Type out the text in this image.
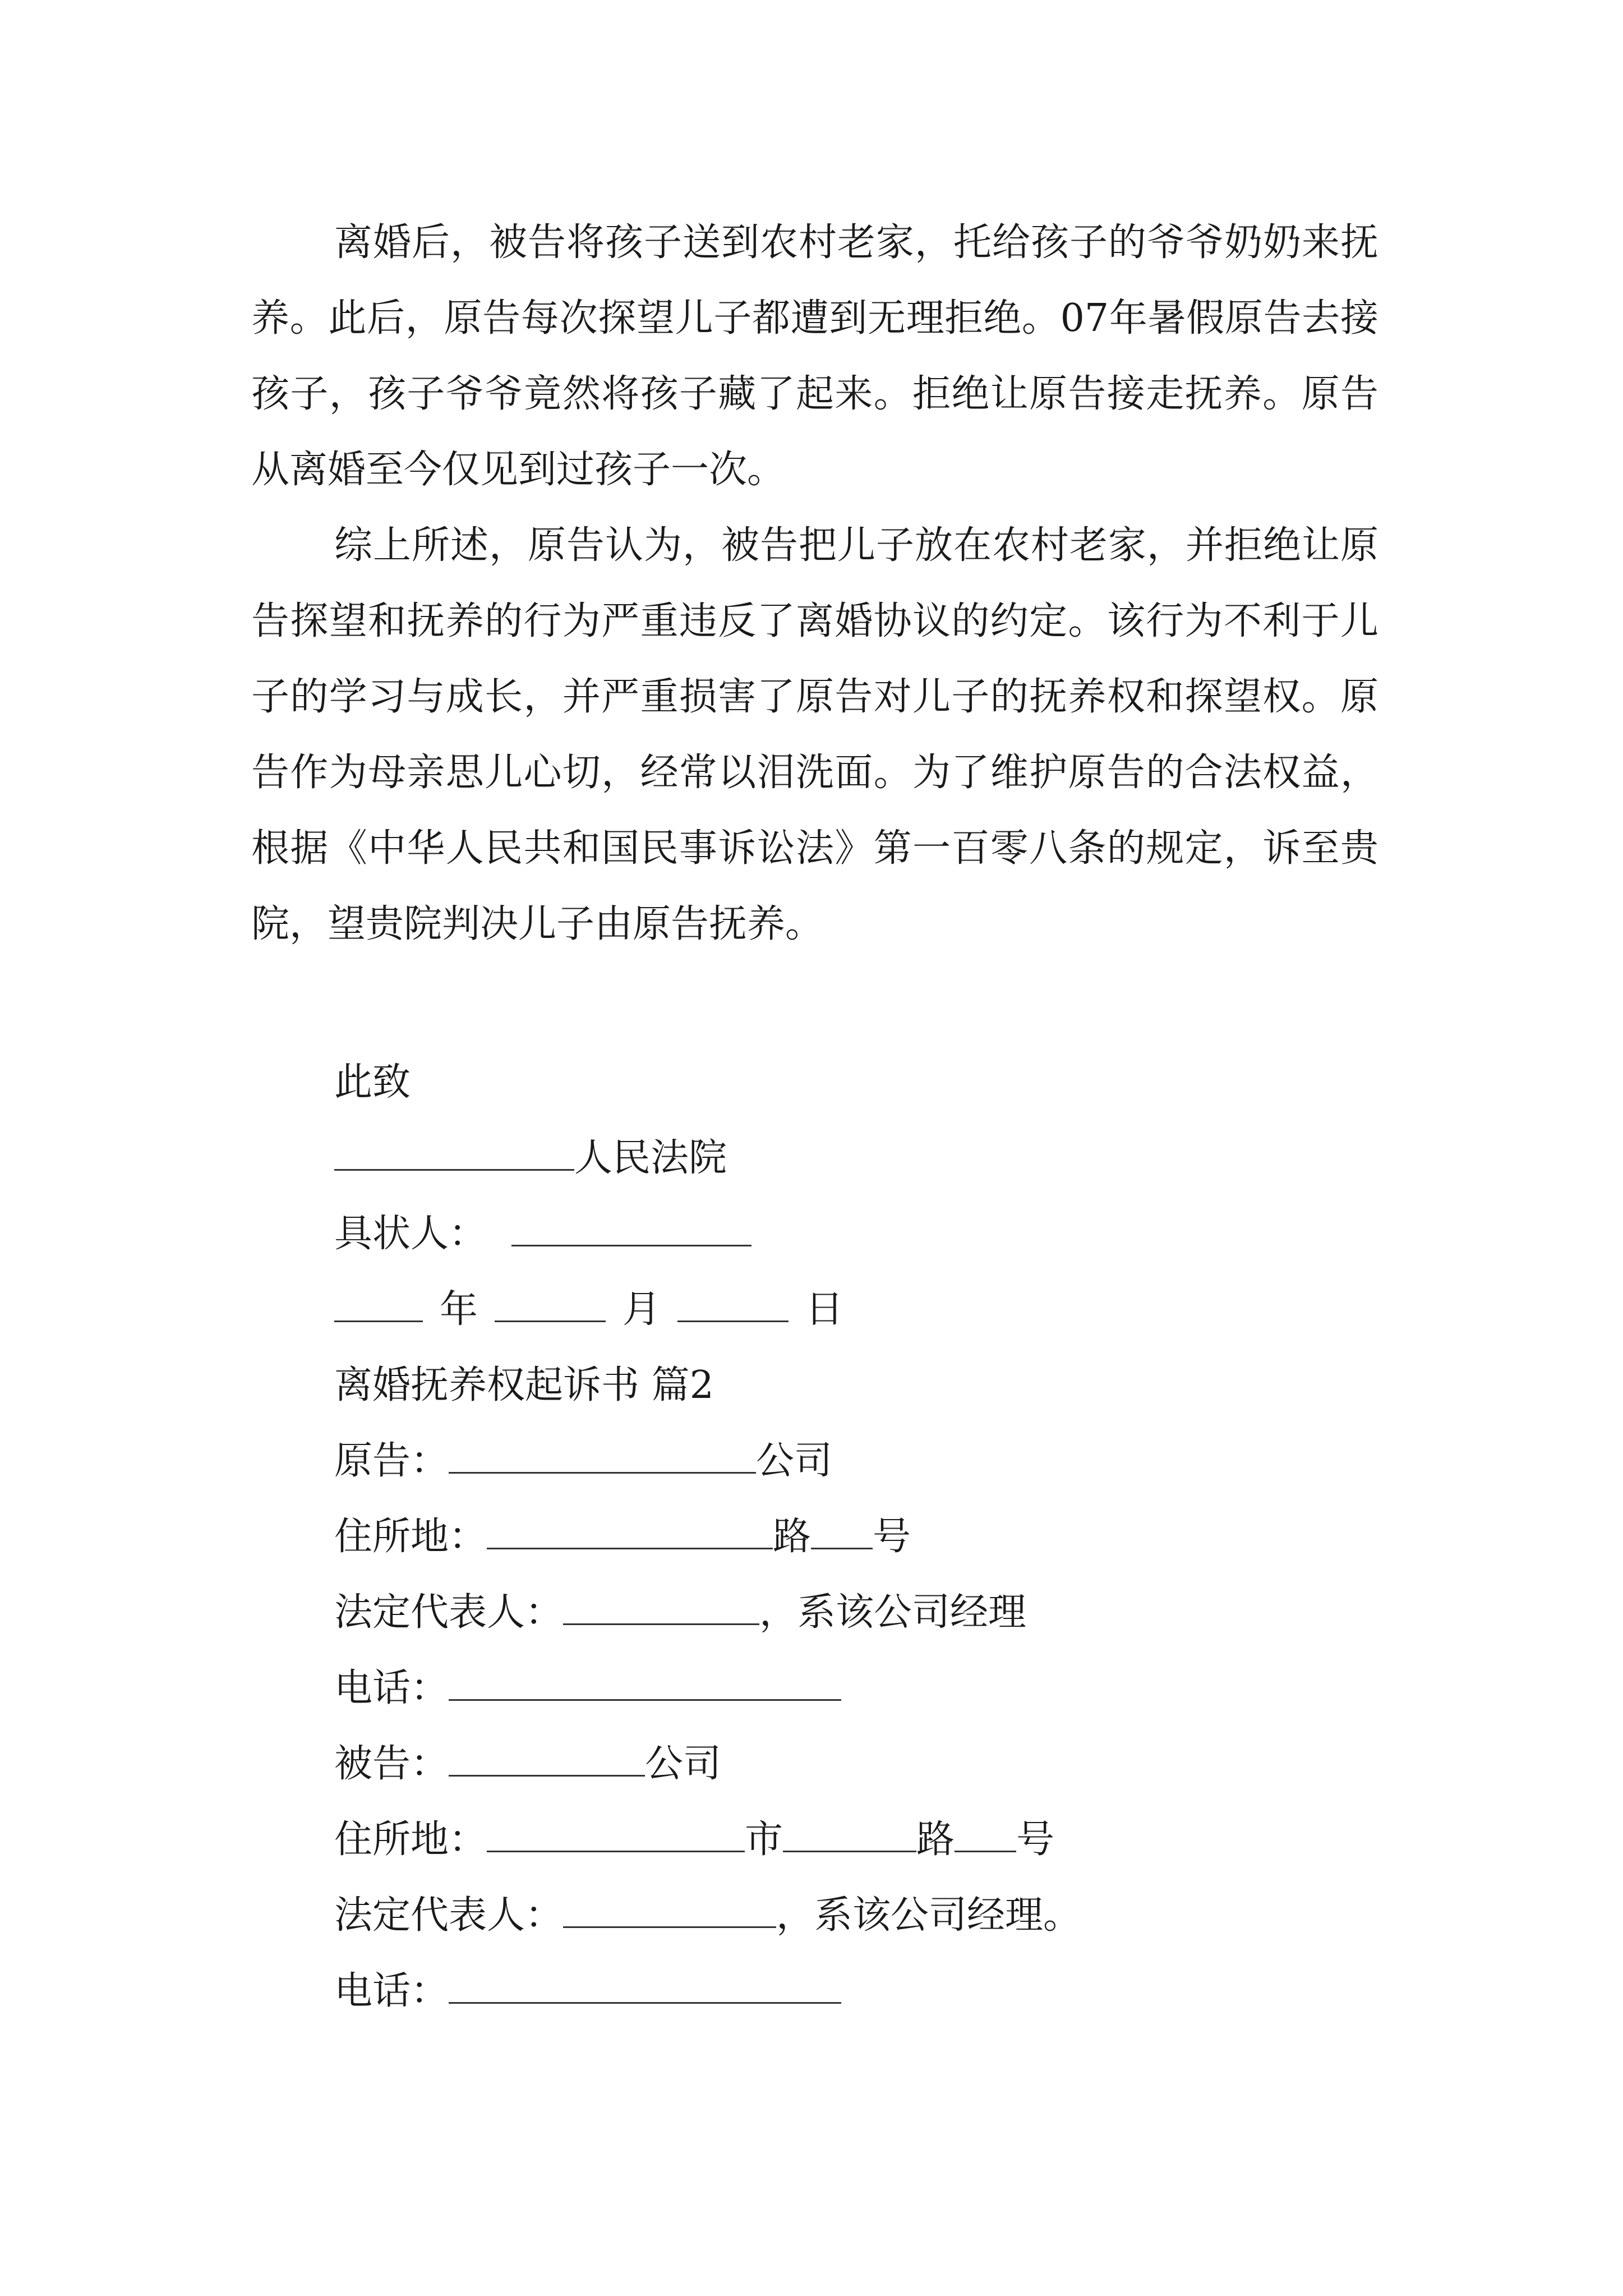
离婚后，被告将孩子送到农村老家，托给孩子的爷爷奶奶来抚养。此后，原告每次探望儿子都遭到无理拒绝。07年暑假原告去接孩子，孩子爷爷竟然将孩子藏了起来。拒绝让原告接走抚养。原告从离婚至今仅见到过孩子一次。

综上所述，原告认为，被告把儿子放在农村老家，并拒绝让原告探望和抚养的行为严重违反了离婚协议的约定。该行为不利于儿子的学习与成长，并严重损害了原告对儿子的抚养权和探望权。原告作为母亲思儿心切，经常以泪洗面。为了维护原告的合法权益，根据《中华人民共和国民事诉讼法》第一百零八条的规定，诉至贵院，望贵院判决儿子由原告抚养。

此致
人民法院
具状人：
年	月	日
离婚抚养权起诉书 篇2
原告：	公司
住所地：	路 号
法定代表人：	，系该公司经理
电话：
被告：	公司
住所地：	市	路 号
法定代表人：	，系该公司经理。
电话：
